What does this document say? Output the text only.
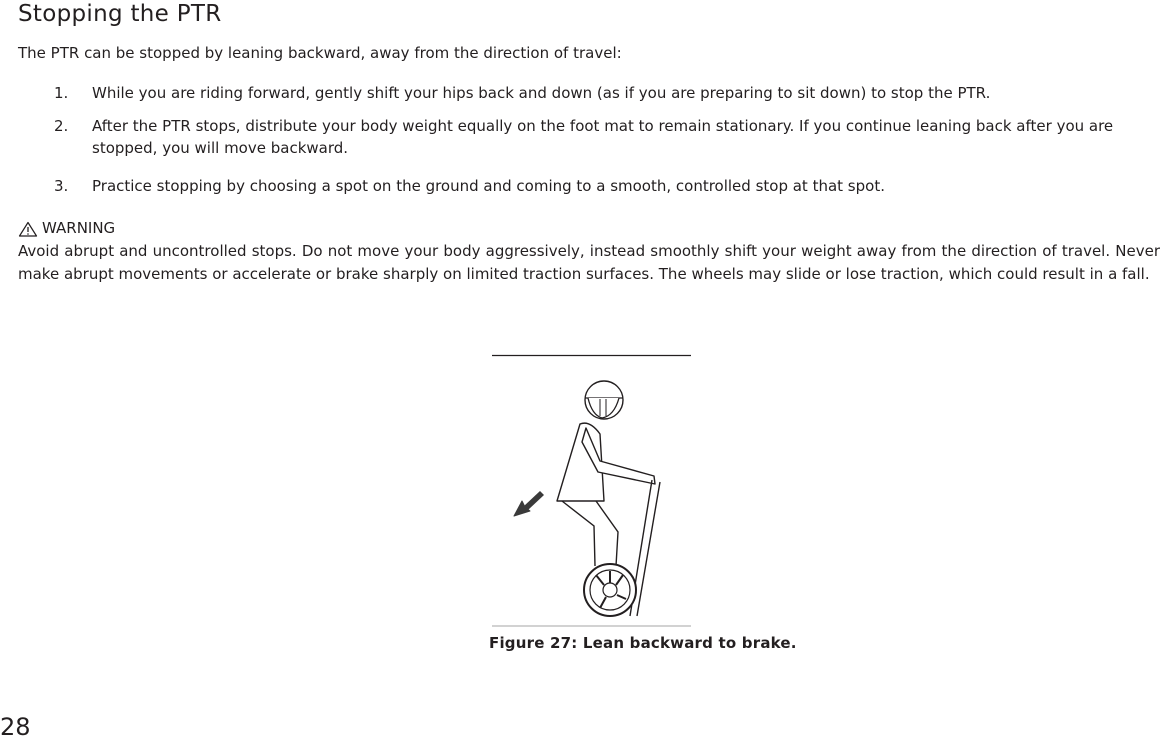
Stopping the PTR
The PTR can be stopped by leaning backward, away from the direction of travel:
1. While you are riding forward, gently shift your hips back and down (as if you are preparing to sit down) to stop the PTR.
2. After the PTR stops, distribute your body weight equally on the foot mat to remain stationary. If you continue leaning back after you are stopped, you will move backward.
3. Practice stopping by choosing a spot on the ground and coming to a smooth, controlled stop at that spot.
WARNING
Avoid abrupt and uncontrolled stops. Do not move your body aggressively, instead smoothly shift your weight away from the direction of travel. Never make abrupt movements or accelerate or brake sharply on limited traction surfaces. The wheels may slide or lose traction, which could result in a fall.
Figure 27: Lean backward to brake.
28
